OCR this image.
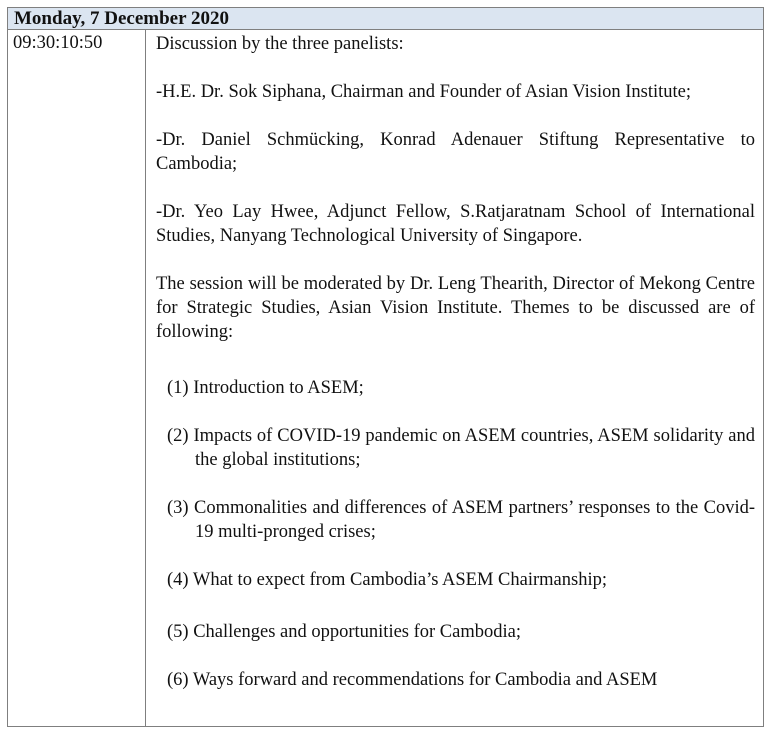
Monday, 7 December 2020
09:30:10:50	Discussion by the three panelists:

-H.E. Dr. Sok Siphana, Chairman and Founder of Asian Vision Institute;

-Dr. Daniel Schmücking, Konrad Adenauer Stiftung Representative to Cambodia;

-Dr. Yeo Lay Hwee, Adjunct Fellow, S.Ratjaratnam School of International Studies, Nanyang Technological University of Singapore.

The session will be moderated by Dr. Leng Thearith, Director of Mekong Centre for Strategic Studies, Asian Vision Institute. Themes to be discussed are of following:

(1) Introduction to ASEM;
(2) Impacts of COVID-19 pandemic on ASEM countries, ASEM solidarity and the global institutions;
(3) Commonalities and differences of ASEM partners’ responses to the Covid-19 multi-pronged crises;
(4) What to expect from Cambodia’s ASEM Chairmanship;
(5) Challenges and opportunities for Cambodia;
(6) Ways forward and recommendations for Cambodia and ASEM
